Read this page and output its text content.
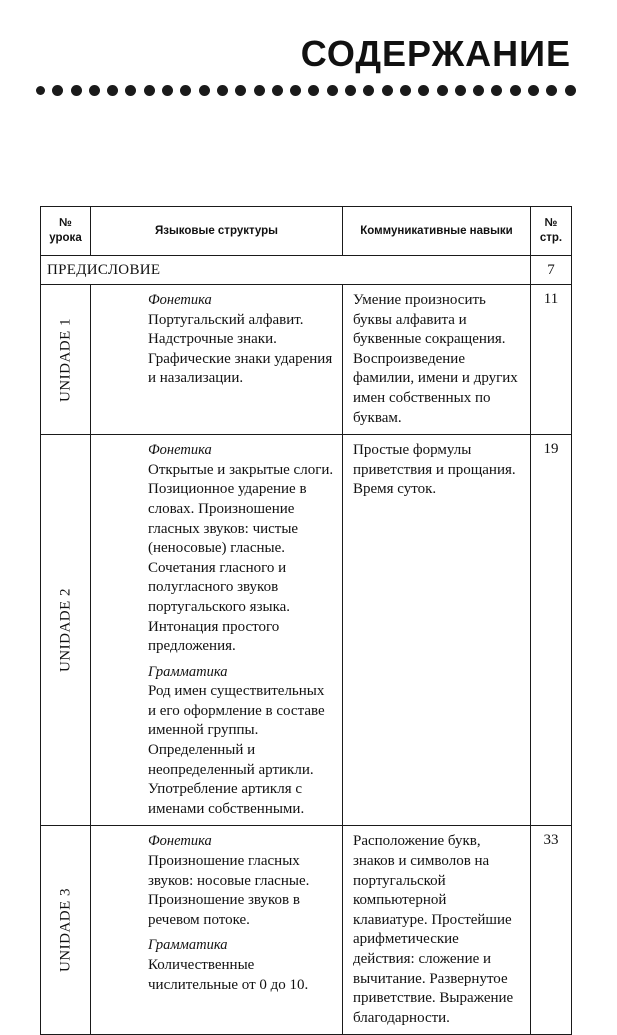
СОДЕРЖАНИЕ
№ урока	Языковые структуры	Коммуникативные навыки	№ стр.

ПРЕДИСЛОВИЕ			7

UNIDADE 1	Фонетика
Португальский алфавит. Надстрочные знаки. Графические знаки ударения и назализации.	Умение произносить буквы алфавита и буквенные сокращения. Воспроизведение фамилии, имени и других имен собственных по буквам.	11

UNIDADE 2	Фонетика
Открытые и закрытые слоги. Позиционное ударение в словах. Произношение гласных звуков: чистые (неносовые) гласные. Сочетания гласного и полугласного звуков португальского языка. Интонация простого предложения.
Грамматика
Род имен существительных и его оформление в составе именной группы. Определенный и неопределенный артикли. Употребление артикля с именами собственными.	Простые формулы приветствия и прощания. Время суток.	19

UNIDADE 3	Фонетика
Произношение гласных звуков: носовые гласные. Произношение звуков в речевом потоке.
Грамматика
Количественные числительные от 0 до 10.	Расположение букв, знаков и символов на португальской компьютерной клавиатуре. Простейшие арифметические действия: сложение и вычитание. Развернутое приветствие. Выражение благодарности.	33
